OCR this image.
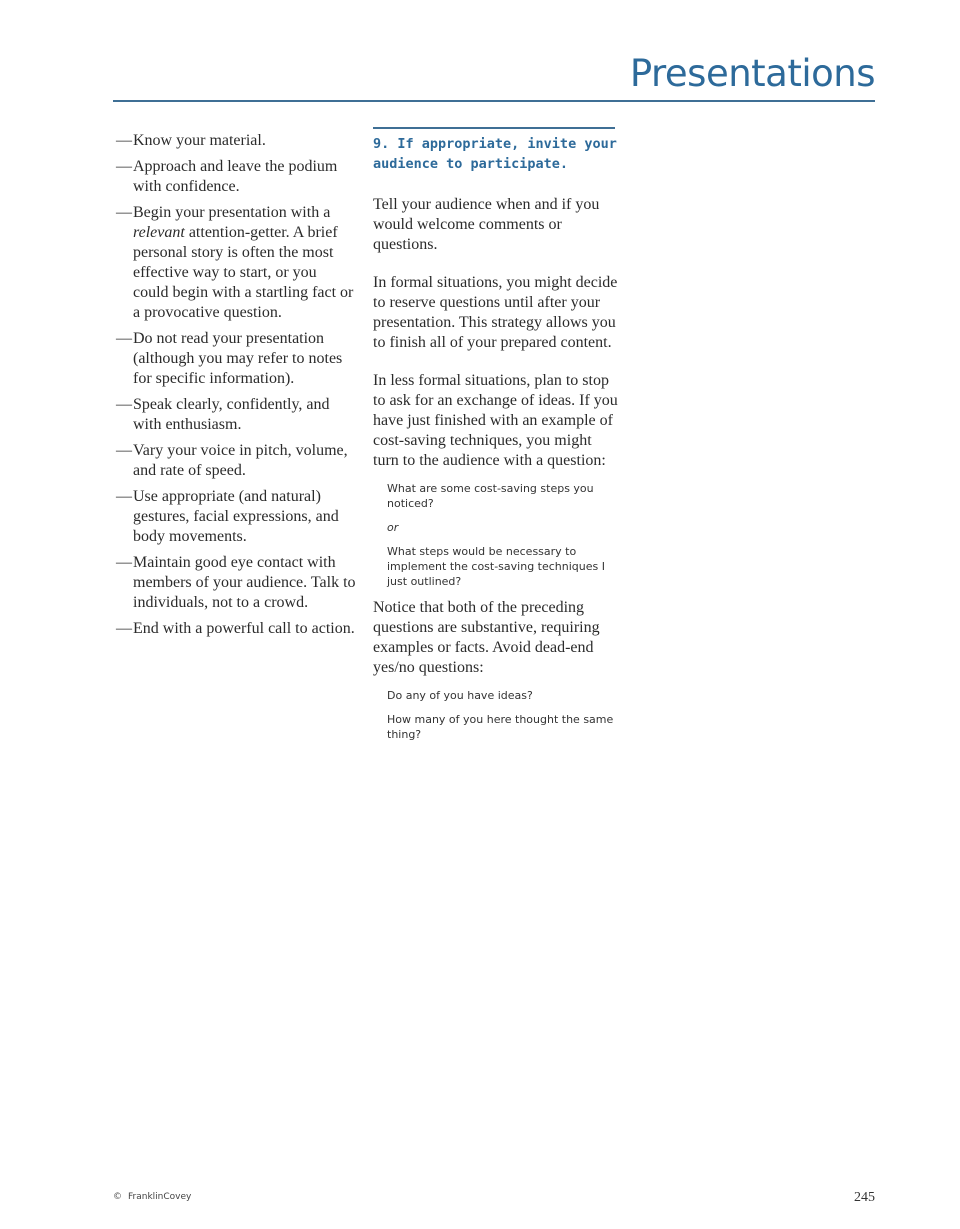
Presentations
— Know your material.
— Approach and leave the podium with confidence.
— Begin your presentation with a relevant attention-getter. A brief personal story is often the most effective way to start, or you could begin with a startling fact or a provocative question.
— Do not read your presentation (although you may refer to notes for specific information).
— Speak clearly, confidently, and with enthusiasm.
— Vary your voice in pitch, volume, and rate of speed.
— Use appropriate (and natural) gestures, facial expressions, and body movements.
— Maintain good eye contact with members of your audience. Talk to individuals, not to a crowd.
— End with a powerful call to action.
9. If appropriate, invite your audience to participate.

Tell your audience when and if you would welcome comments or questions.

In formal situations, you might decide to reserve questions until after your presentation. This strategy allows you to finish all of your prepared content.

In less formal situations, plan to stop to ask for an exchange of ideas. If you have just finished with an example of cost-saving techniques, you might turn to the audience with a question:

What are some cost-saving steps you noticed?

or

What steps would be necessary to implement the cost-saving techniques I just outlined?

Notice that both of the preceding questions are substantive, requiring examples or facts. Avoid dead-end yes/no questions:

Do any of you have ideas?

How many of you here thought the same thing?

© FranklinCovey	245
